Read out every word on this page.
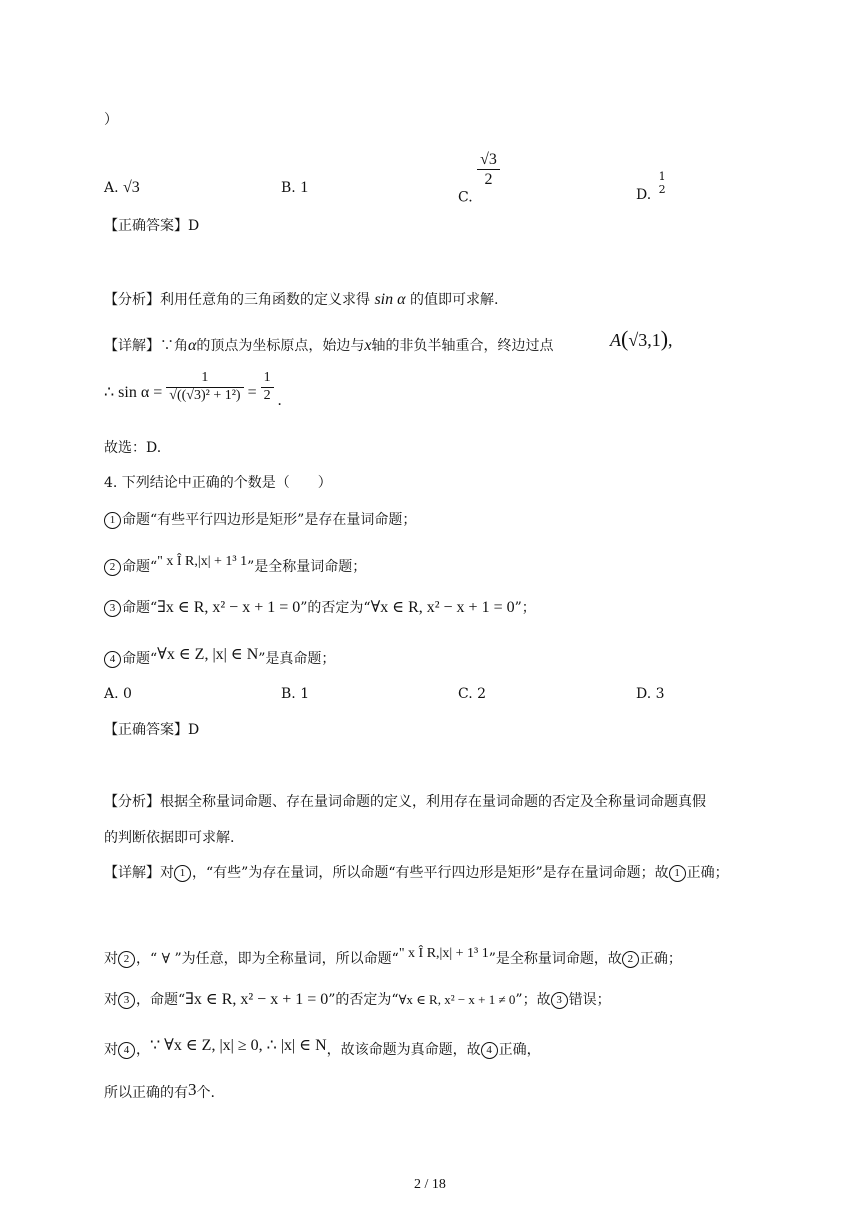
）
A. √3	B. 1
C.
$\frac{√3}{2}$
D.
1
2
【正确答案】D
【分析】利用任意角的三角函数的定义求得 sin α 的值即可求解.
【详解】∵角α的顶点为坐标原点，始边与x轴的非负半轴重合，终边过点	A(√3,1),
∴ $\sin \alpha = \frac{1}{\text{√((√3)² + 1²)}} = \frac{1}{2}$ .
故选：D.
4. 下列结论中正确的个数是（　　）
1 命题“有些平行四边形是矩形”是存在量词命题；
2 命题“" x Î R,|x| + 1³ 1”是全称量词命题；
3 命题“∃x ∈ R, x² − x + 1 = 0”的否定为“∀x ∈ R, x² − x + 1 = 0”；
4 命题“∀x ∈ Z, |x| ∈ N”是真命题；
A. 0	B. 1	C. 2	D. 3
【正确答案】D
【分析】根据全称量词命题、存在量词命题的定义，利用存在量词命题的否定及全称量词命题真假
的判断依据即可求解.
【详解】对 1 ，“有些”为存在量词，所以命题“有些平行四边形是矩形”是存在量词命题；故 1 正确；
对 2 ，“ ∀ ”为任意，即为全称量词，所以命题“" x Î R,|x| + 1³ 1”是全称量词命题，故 2 正确；
对 3 ，命题“∃x ∈ R, x² − x + 1 = 0”的否定为“∀x ∈ R, x² − x + 1 ≠ 0”；故 3 错误；
对 4 ，∵ ∀x ∈ Z, |x| ≥ 0, ∴ |x| ∈ N，故该命题为真命题，故 4 正确，
所以正确的有3个.
2 / 18
